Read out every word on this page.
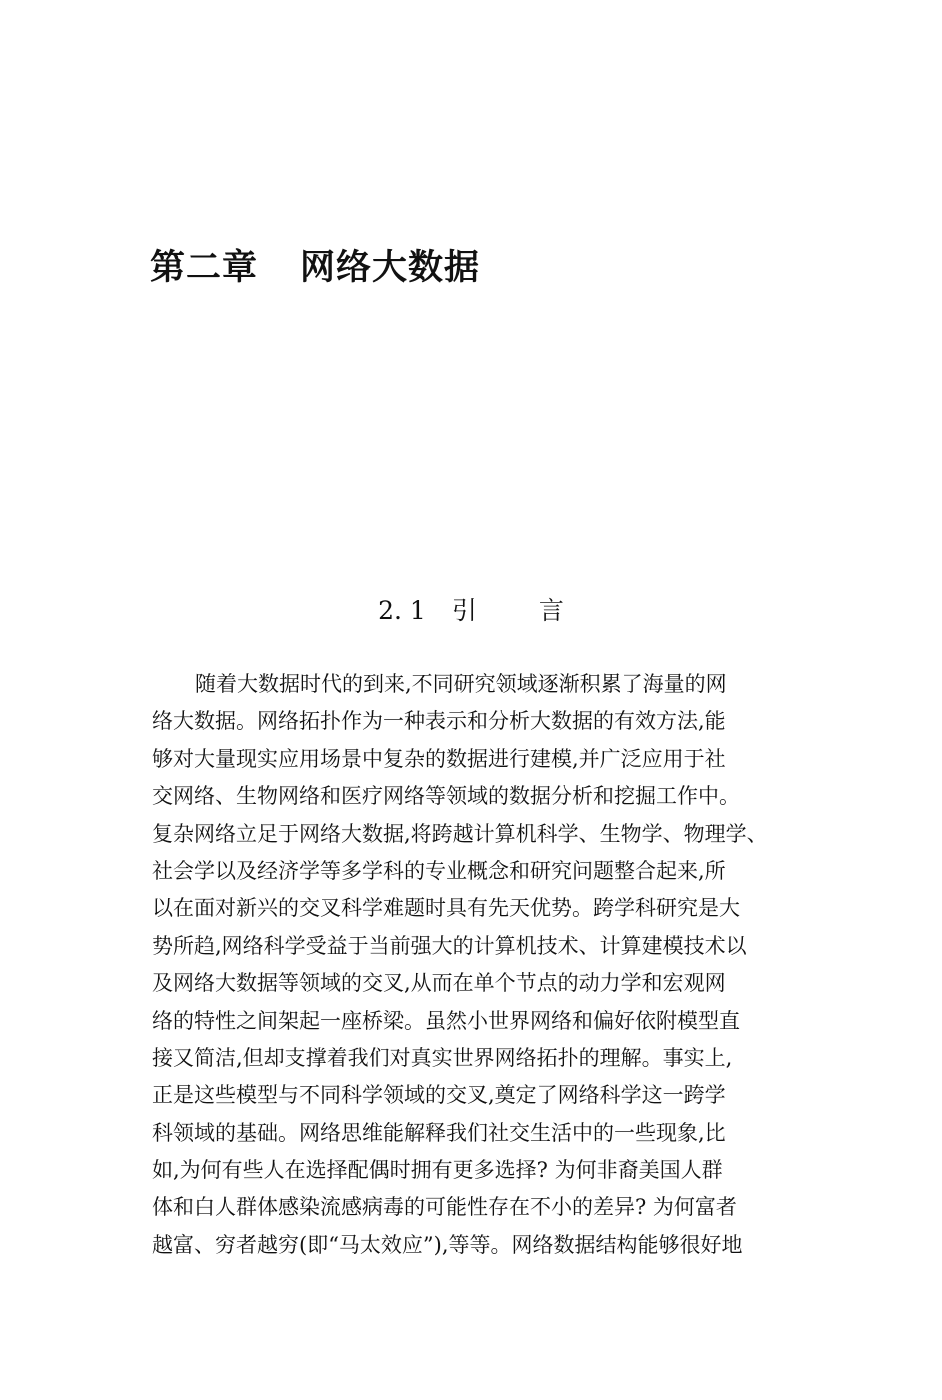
第二章 网络大数据
2. 1 引 言
随着大数据时代的到来,不同研究领域逐渐积累了海量的网
络大数据。网络拓扑作为一种表示和分析大数据的有效方法,能
够对大量现实应用场景中复杂的数据进行建模,并广泛应用于社
交网络、生物网络和医疗网络等领域的数据分析和挖掘工作中。
复杂网络立足于网络大数据,将跨越计算机科学、生物学、物理学、
社会学以及经济学等多学科的专业概念和研究问题整合起来,所
以在面对新兴的交叉科学难题时具有先天优势。跨学科研究是大
势所趋,网络科学受益于当前强大的计算机技术、计算建模技术以
及网络大数据等领域的交叉,从而在单个节点的动力学和宏观网
络的特性之间架起一座桥梁。虽然小世界网络和偏好依附模型直
接又简洁,但却支撑着我们对真实世界网络拓扑的理解。事实上,
正是这些模型与不同科学领域的交叉,奠定了网络科学这一跨学
科领域的基础。网络思维能解释我们社交生活中的一些现象,比
如,为何有些人在选择配偶时拥有更多选择? 为何非裔美国人群
体和白人群体感染流感病毒的可能性存在不小的差异? 为何富者
越富、穷者越穷(即“马太效应”),等等。网络数据结构能够很好地
